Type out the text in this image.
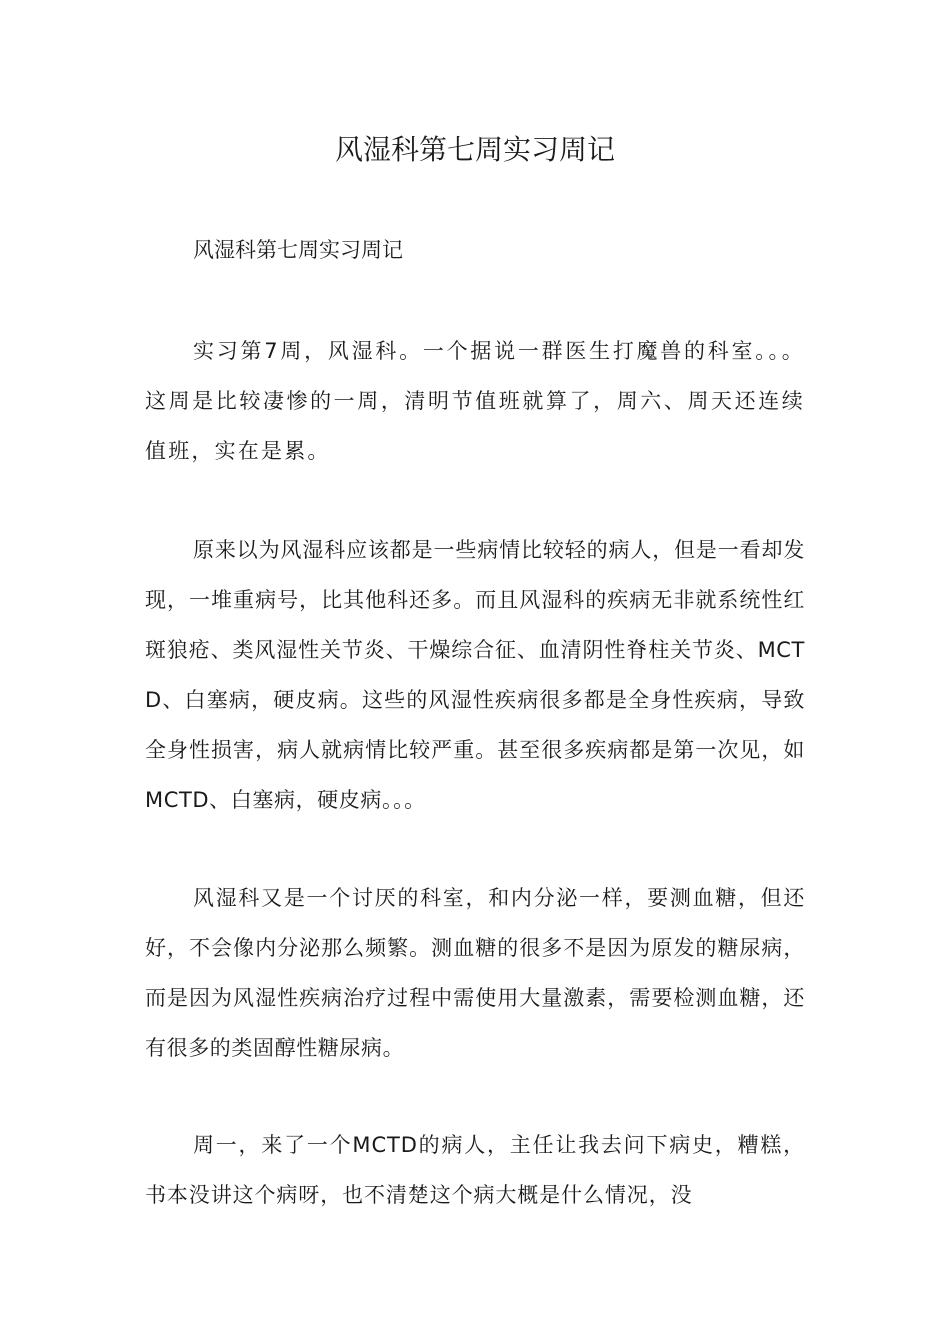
风湿科第七周实习周记

风湿科第七周实习周记

实习第7周，风湿科。一个据说一群医生打魔兽的科室。。。这周是比较凄惨的一周，清明节值班就算了，周六、周天还连续值班，实在是累。

原来以为风湿科应该都是一些病情比较轻的病人，但是一看却发现，一堆重病号，比其他科还多。而且风湿科的疾病无非就系统性红斑狼疮、类风湿性关节炎、干燥综合征、血清阴性脊柱关节炎、MCTD、白塞病，硬皮病。这些的风湿性疾病很多都是全身性疾病，导致全身性损害，病人就病情比较严重。甚至很多疾病都是第一次见，如MCTD、白塞病，硬皮病。。。

风湿科又是一个讨厌的科室，和内分泌一样，要测血糖，但还好，不会像内分泌那么频繁。测血糖的很多不是因为原发的糖尿病，而是因为风湿性疾病治疗过程中需使用大量激素，需要检测血糖，还有很多的类固醇性糖尿病。

周一，来了一个MCTD的病人，主任让我去问下病史，糟糕，书本没讲这个病呀，也不清楚这个病大概是什么情况，没
